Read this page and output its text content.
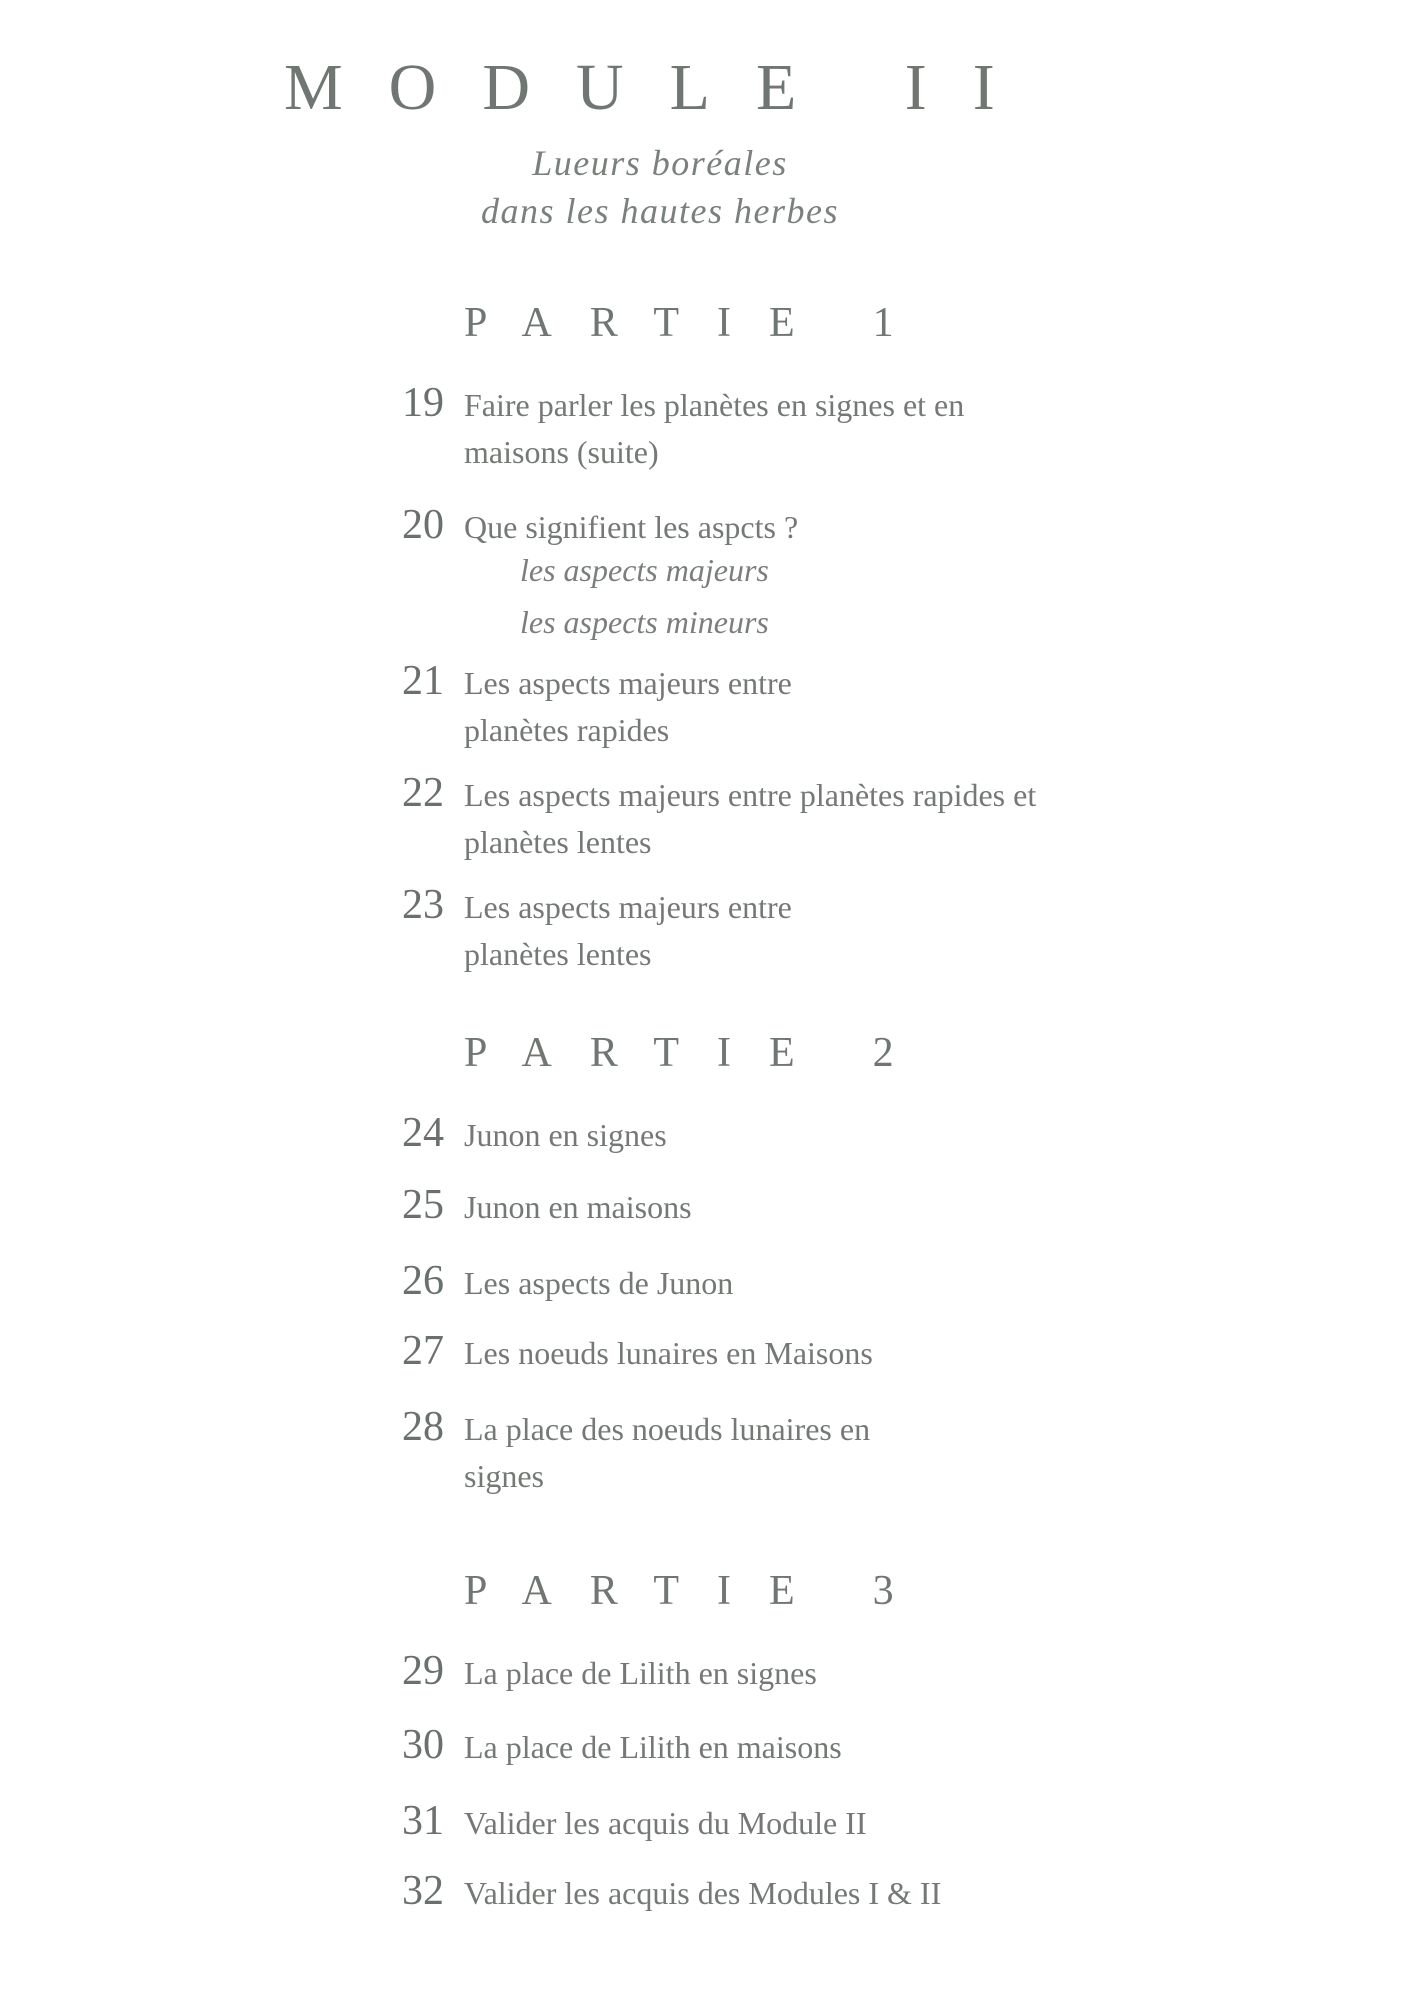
MODULE II
Lueurs boréales
dans les hautes herbes
PARTIE 1
19 Faire parler les planètes en signes et en maisons (suite)
20 Que signifient les aspcts ?
les aspects majeurs
les aspects mineurs
21 Les aspects majeurs entre planètes rapides
22 Les aspects majeurs entre planètes rapides et planètes lentes
23 Les aspects majeurs entre planètes lentes
PARTIE 2
24 Junon en signes
25 Junon en maisons
26 Les aspects de Junon
27 Les noeuds lunaires en Maisons
28 La place des noeuds lunaires en signes
PARTIE 3
29 La place de Lilith en signes
30 La place de Lilith en maisons
31 Valider les acquis du Module II
32 Valider les acquis des Modules I & II
